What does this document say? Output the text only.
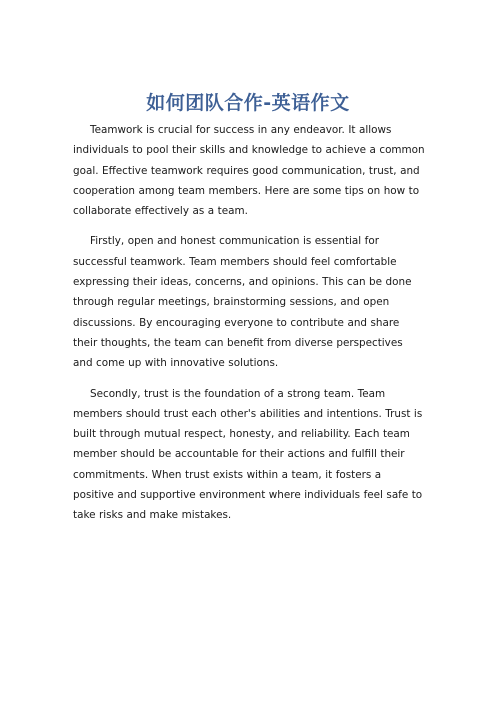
如何团队合作-英语作文

Teamwork is crucial for success in any endeavor. It allows individuals to pool their skills and knowledge to achieve a common goal. Effective teamwork requires good communication, trust, and cooperation among team members. Here are some tips on how to collaborate effectively as a team.

Firstly, open and honest communication is essential for successful teamwork. Team members should feel comfortable expressing their ideas, concerns, and opinions. This can be done through regular meetings, brainstorming sessions, and open discussions. By encouraging everyone to contribute and share their thoughts, the team can benefit from diverse perspectives and come up with innovative solutions.

Secondly, trust is the foundation of a strong team. Team members should trust each other's abilities and intentions. Trust is built through mutual respect, honesty, and reliability. Each team member should be accountable for their actions and fulfill their commitments. When trust exists within a team, it fosters a positive and supportive environment where individuals feel safe to take risks and make mistakes.
